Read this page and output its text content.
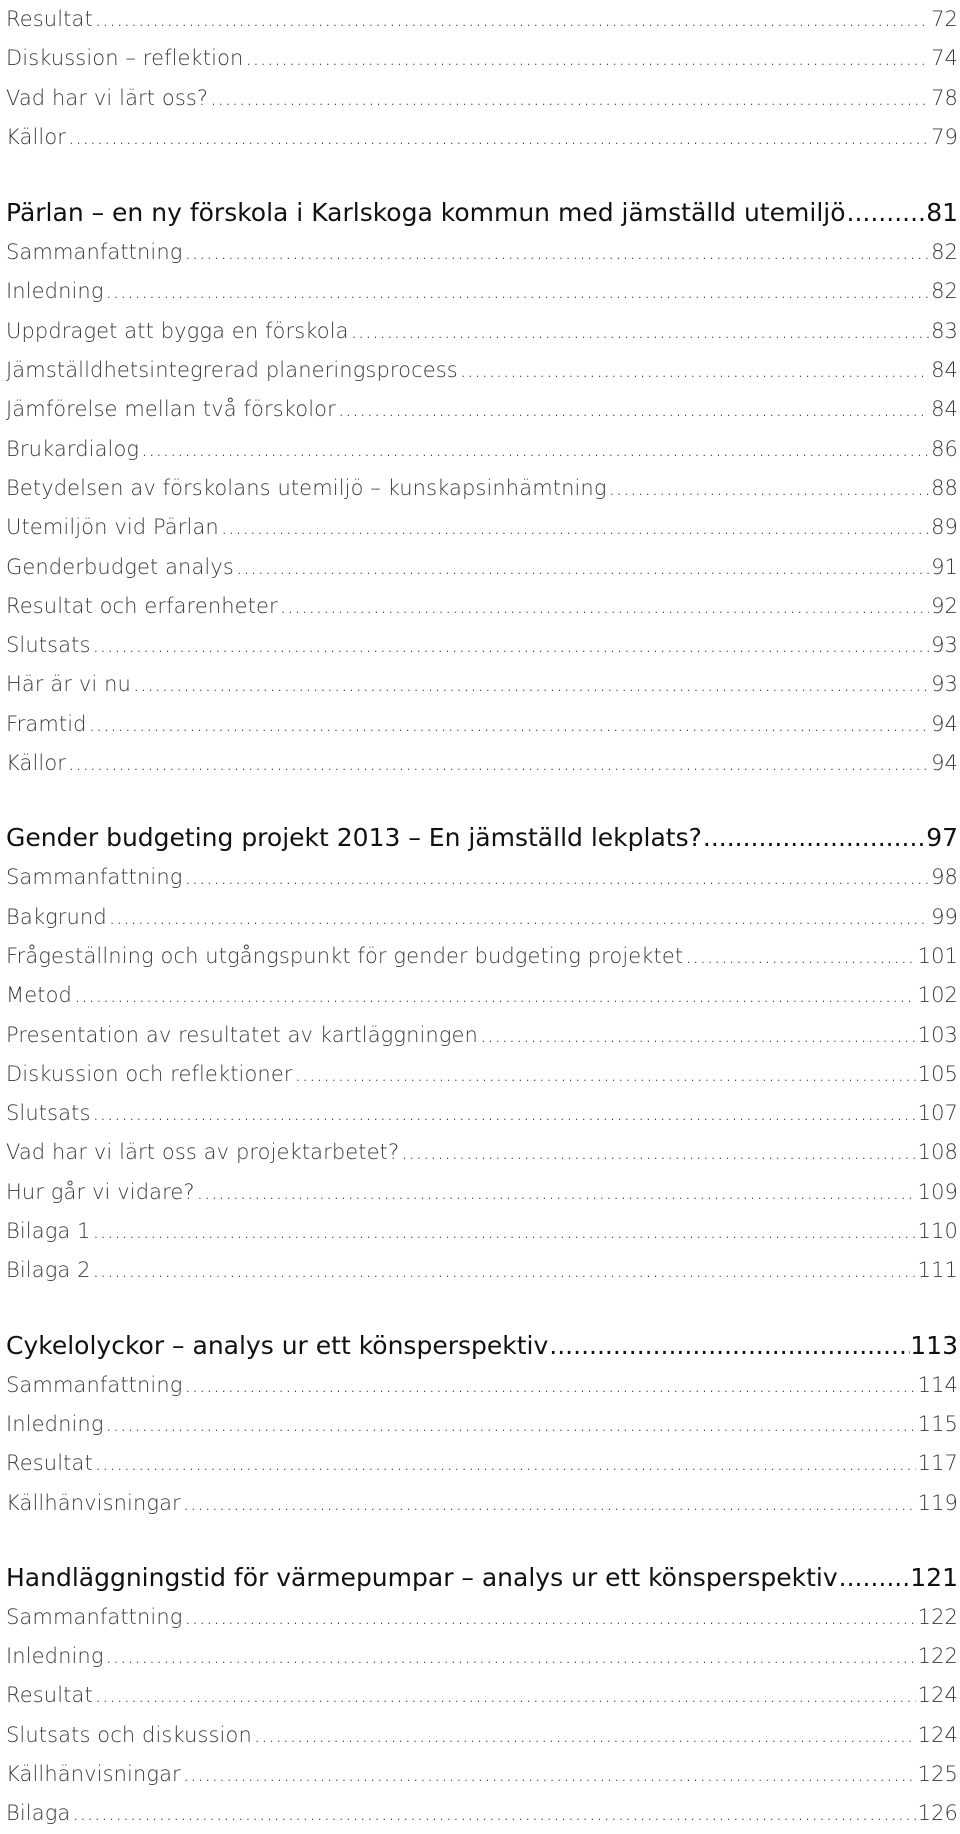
Resultat .....	72
Diskussion – reflektion .....	74
Vad har vi lärt oss? .....	78
Källor .....	79
Pärlan – en ny förskola i Karlskoga kommun med jämställd utemiljö .....	81
Sammanfattning .....	82
Inledning .....	82
Uppdraget att bygga en förskola .....	83
Jämställdhetsintegrerad planeringsprocess .....	84
Jämförelse mellan två förskolor .....	84
Brukardialog .....	86
Betydelsen av förskolans utemiljö – kunskapsinhämtning .....	88
Utemiljön vid Pärlan .....	89
Genderbudget analys .....	91
Resultat och erfarenheter .....	92
Slutsats .....	93
Här är vi nu .....	93
Framtid .....	94
Källor .....	94
Gender budgeting projekt 2013 – En jämställd lekplats? .....	97
Sammanfattning .....	98
Bakgrund .....	99
Frågeställning och utgångspunkt för gender budgeting projektet .....	101
Metod .....	102
Presentation av resultatet av kartläggningen .....	103
Diskussion och reflektioner .....	105
Slutsats .....	107
Vad har vi lärt oss av projektarbetet? .....	108
Hur går vi vidare? .....	109
Bilaga 1 .....	110
Bilaga 2 .....	111
Cykelolyckor – analys ur ett könsperspektiv .....	113
Sammanfattning .....	114
Inledning .....	115
Resultat .....	117
Källhänvisningar .....	119
Handläggningstid för värmepumpar – analys ur ett könsperspektiv .....	121
Sammanfattning .....	122
Inledning .....	122
Resultat .....	124
Slutsats och diskussion .....	124
Källhänvisningar .....	125
Bilaga .....	126
